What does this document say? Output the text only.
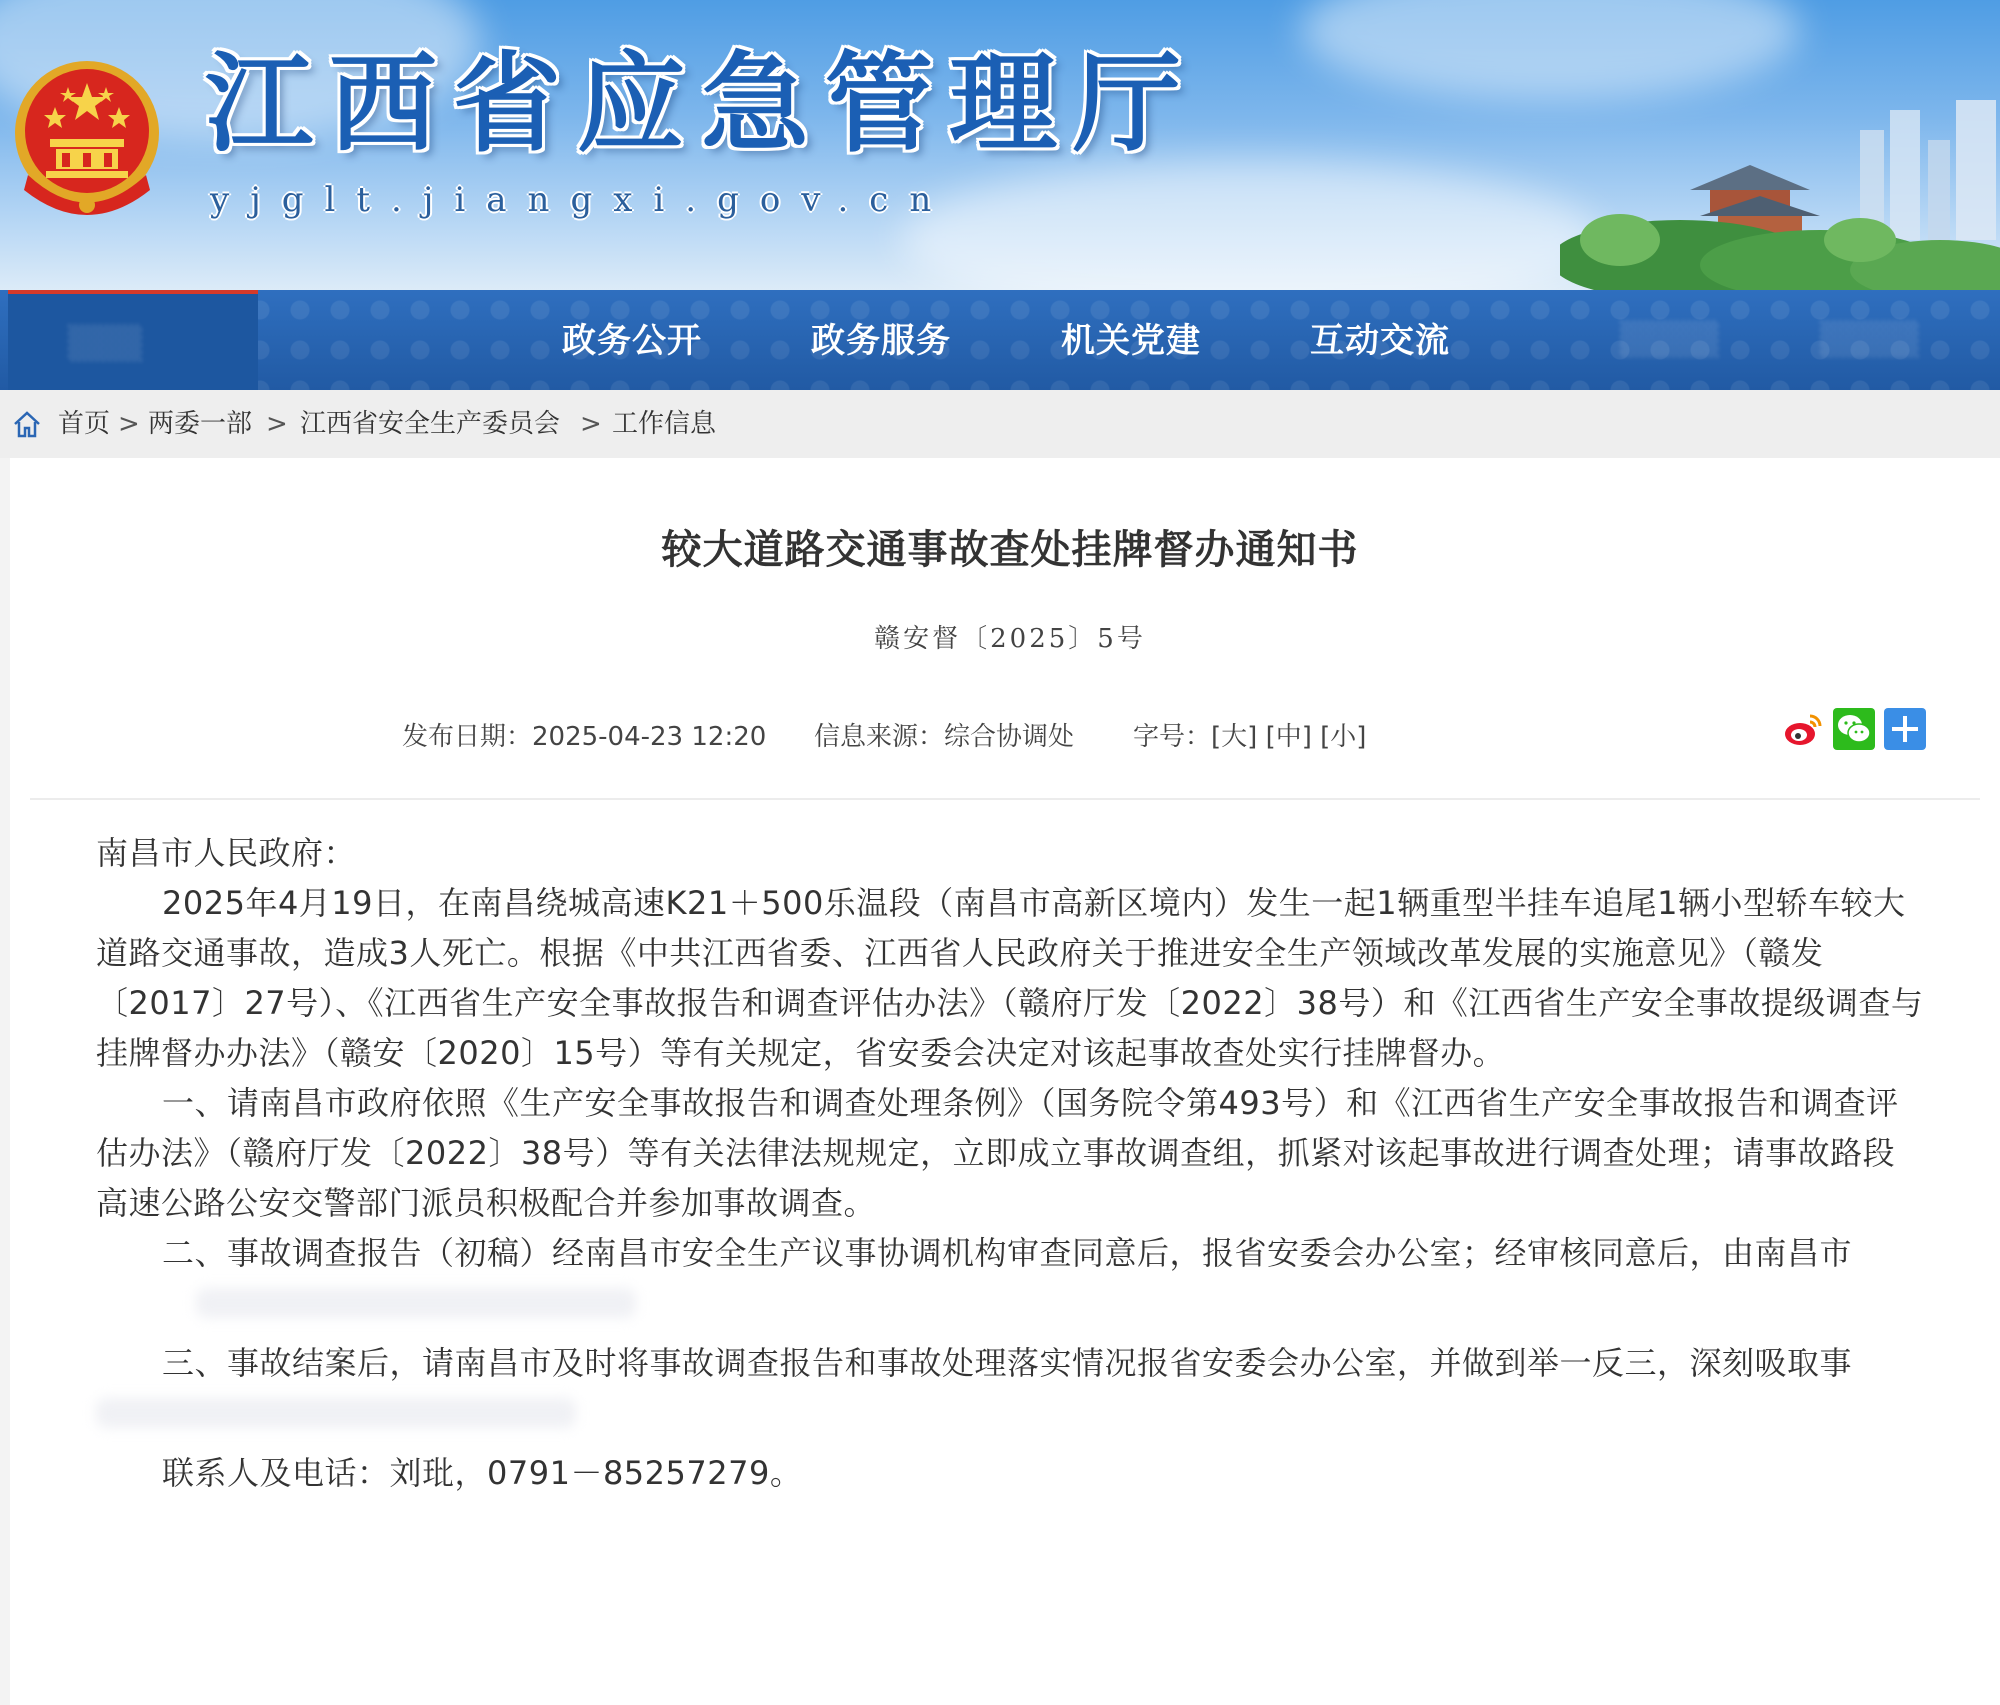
江西省应急管理厅
yjglt.jiangxi.gov.cn
▒▒▒	▒▒▒▒	▒▒▒▒
政务公开	政务服务	机关党建	互动交流
首页 > 两委一部 > 江西省安全生产委员会 > 工作信息
较大道路交通事故查处挂牌督办通知书
赣安督〔2025〕5号
发布日期：2025-04-23 12:20 信息来源：综合协调处 字号：[大] [中] [小]

南昌市人民政府：

2025年4月19日，在南昌绕城高速K21＋500乐温段（南昌市高新区境内）发生一起1辆重型半挂车追尾1辆小型轿车较大道路交通事故，造成3人死亡。根据《中共江西省委、江西省人民政府关于推进安全生产领域改革发展的实施意见》（赣发〔2017〕27号）、《江西省生产安全事故报告和调查评估办法》（赣府厅发〔2022〕38号）和《江西省生产安全事故提级调查与挂牌督办办法》（赣安〔2020〕15号）等有关规定，省安委会决定对该起事故查处实行挂牌督办。

一、请南昌市政府依照《生产安全事故报告和调查处理条例》（国务院令第493号）和《江西省生产安全事故报告和调查评估办法》（赣府厅发〔2022〕38号）等有关法律法规规定，立即成立事故调查组，抓紧对该起事故进行调查处理；请事故路段高速公路公安交警部门派员积极配合并参加事故调查。

二、事故调查报告（初稿）经南昌市安全生产议事协调机构审查同意后，报省安委会办公室；经审核同意后，由南昌市

三、事故结案后，请南昌市及时将事故调查报告和事故处理落实情况报省安委会办公室，并做到举一反三，深刻吸取事

联系人及电话：刘玭，0791－85257279。
